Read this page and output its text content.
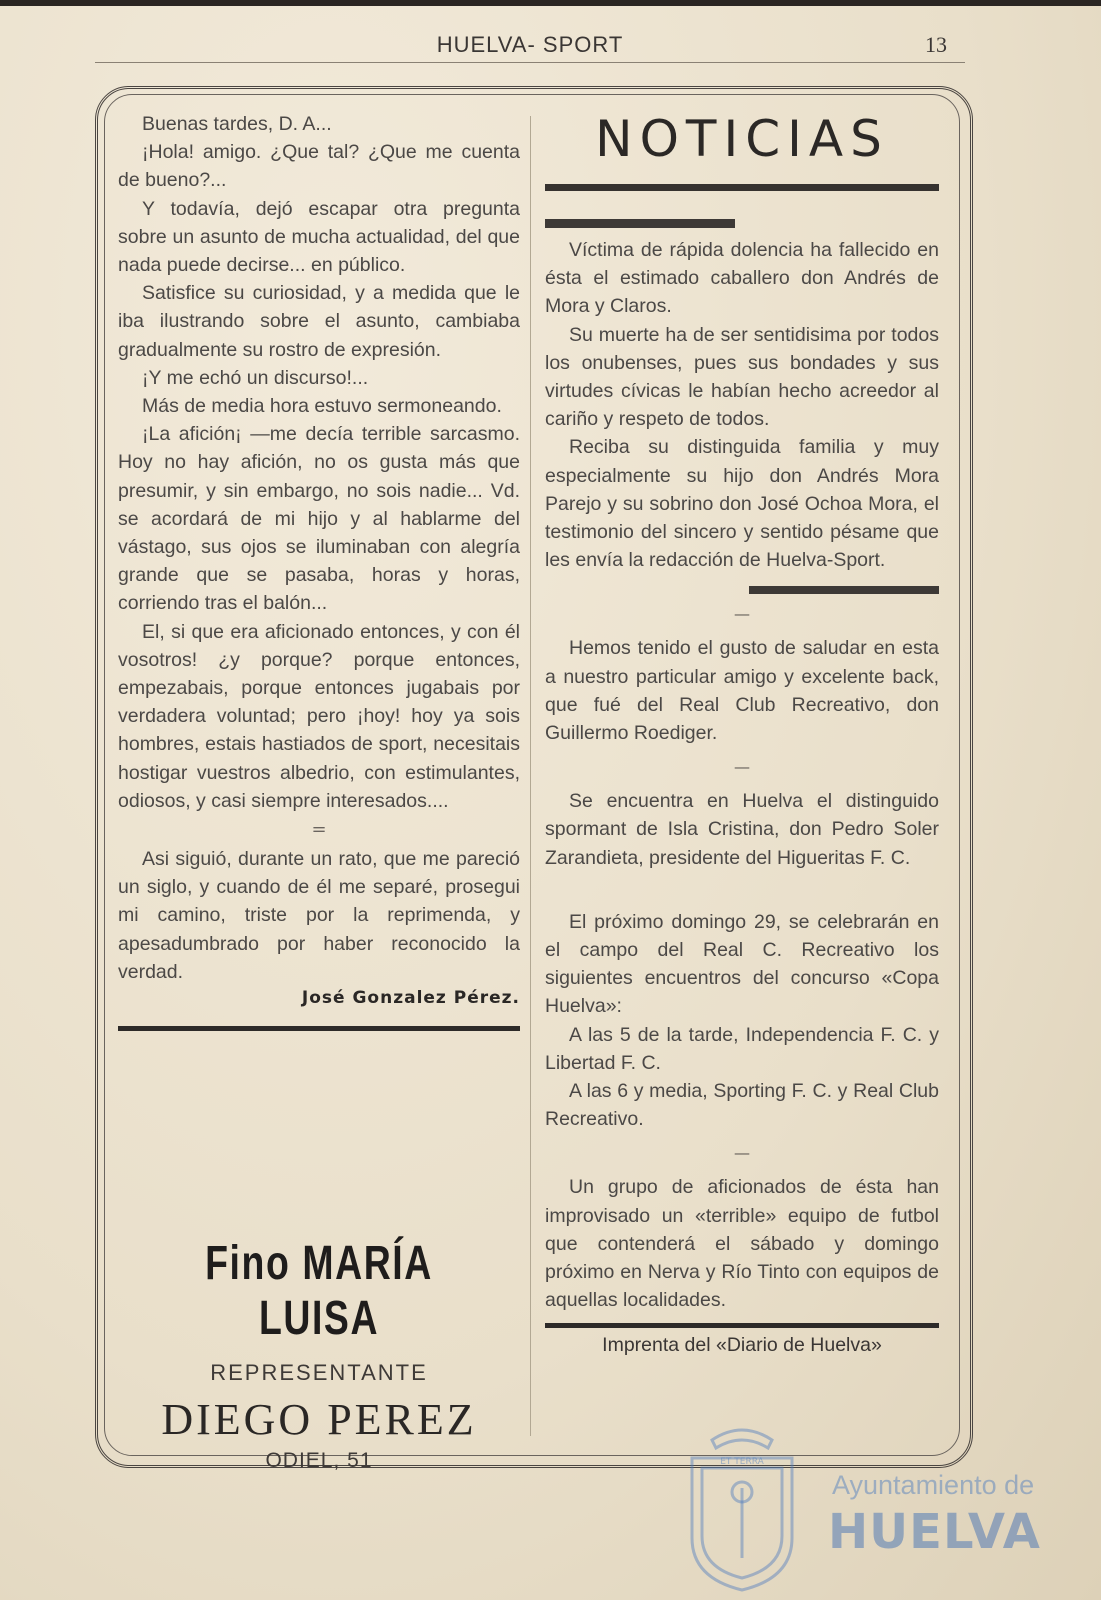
HUELVA- SPORT	13

Buenas tardes, D. A...

¡Hola! amigo. ¿Que tal? ¿Que me cuenta de bueno?...

Y todavía, dejó escapar otra pregunta sobre un asunto de mucha actualidad, del que nada puede decirse... en público.

Satisfice su curiosidad, y a medida que le iba ilustrando sobre el asunto, cambiaba gradualmente su rostro de expresión.

¡Y me echó un discurso!...

Más de media hora estuvo sermoneando.

¡La afición¡ —me decía terrible sarcasmo. Hoy no hay afición, no os gusta más que presumir, y sin embargo, no sois nadie... Vd. se acordará de mi hijo y al hablarme del vástago, sus ojos se iluminaban con alegría grande que se pasaba, horas y horas, corriendo tras el balón...

El, si que era aficionado entonces, y con él vosotros! ¿y porque? porque entonces, empezabais, porque entonces jugabais por verdadera voluntad; pero ¡hoy! hoy ya sois hombres, estais hastiados de sport, necesitais hostigar vuestros albedrio, con estimulantes, odiosos, y casi siempre interesados....

=

Asi siguió, durante un rato, que me pareció un siglo, y cuando de él me separé, prosegui mi camino, triste por la reprimenda, y apesadumbrado por haber reconocido la verdad.

José Gonzalez Pérez.
Fino MARÍA LUISA
REPRESENTANTE
DIEGO PEREZ
ODIEL, 51
NOTICIAS

Víctima de rápida dolencia ha fallecido en ésta el estimado caballero don Andrés de Mora y Claros.

Su muerte ha de ser sentidisima por todos los onubenses, pues sus bondades y sus virtudes cívicas le habían hecho acreedor al cariño y respeto de todos.

Reciba su distinguida familia y muy especialmente su hijo don Andrés Mora Parejo y su sobrino don José Ochoa Mora, el testimonio del sincero y sentido pésame que les envía la redacción de Huelva-Sport.

—

Hemos tenido el gusto de saludar en esta a nuestro particular amigo y excelente back, que fué del Real Club Recreativo, don Guillermo Roediger.

—

Se encuentra en Huelva el distinguido spormant de Isla Cristina, don Pedro Soler Zarandieta, presidente del Higueritas F. C.

El próximo domingo 29, se celebrarán en el campo del Real C. Recreativo los siguientes encuentros del concurso «Copa Huelva»:

A las 5 de la tarde, Independencia F. C. y Libertad F. C.

A las 6 y media, Sporting F. C. y Real Club Recreativo.

—

Un grupo de aficionados de ésta han improvisado un «terrible» equipo de futbol que contenderá el sábado y domingo próximo en Nerva y Río Tinto con equipos de aquellas localidades.

Imprenta del «Diario de Huelva»
ET TERRA
Ayuntamiento de
HUELVA
